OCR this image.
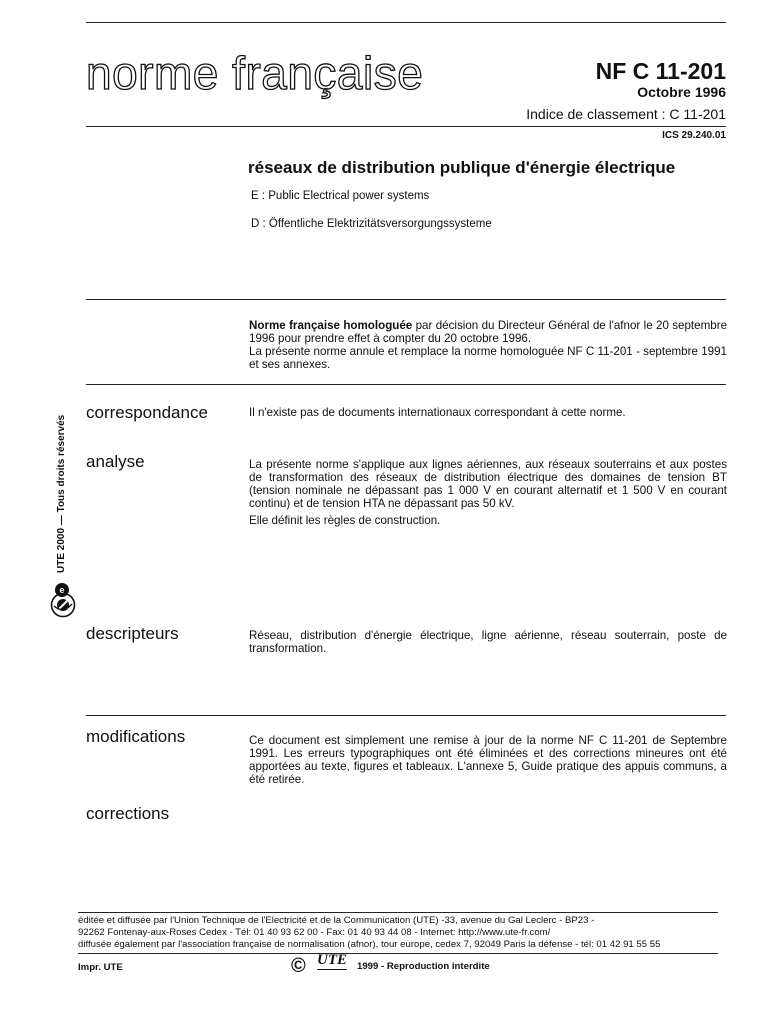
norme française	NF C 11-201
Octobre 1996
Indice de classement : C 11-201
ICS 29.240.01
réseaux de distribution publique d'énergie électrique
E : Public Electrical power systems
D : Öffentliche Elektrizitätsversorgungssysteme

Norme française homologuée par décision du Directeur Général de l'afnor le 20 septembre 1996 pour prendre effet à compter du 20 octobre 1996.

La présente norme annule et remplace la norme homologuée NF C 11-201 - septembre 1991 et ses annexes.

correspondance	Il n'existe pas de documents internationaux correspondant à cette norme.
analyse	La présente norme s'applique aux lignes aériennes, aux réseaux souterrains et aux postes de transformation des réseaux de distribution électrique des domaines de tension BT (tension nominale ne dépassant pas 1 000 V en courant alternatif et 1 500 V en courant continu) et de tension HTA ne dépassant pas 50 kV.

Elle définit les règles de construction.

UTE 2000 — Tous droits réservés
e
descripteurs	Réseau, distribution d'énergie électrique, ligne aérienne, réseau souterrain, poste de transformation.
modifications	Ce document est simplement une remise à jour de la norme NF C 11-201 de Septembre 1991. Les erreurs typographiques ont été éliminées et des corrections mineures ont été apportées au texte, figures et tableaux. L'annexe 5, Guide pratique des appuis communs, a été retirée.
corrections
éditée et diffusée par l'Union Technique de l'Electricité et de la Communication (UTE) -33, avenue du Gal Leclerc - BP23 -
92262 Fontenay-aux-Roses Cedex - Tél: 01 40 93 62 00 - Fax: 01 40 93 44 08 - Internet: http://www.ute-fr.com/
diffusée également par l'association française de normalisation (afnor), tour europe, cedex 7, 92049 Paris la défense - tél: 01 42 91 55 55
Impr. UTE	© UTE 1999 - Reproduction interdite
